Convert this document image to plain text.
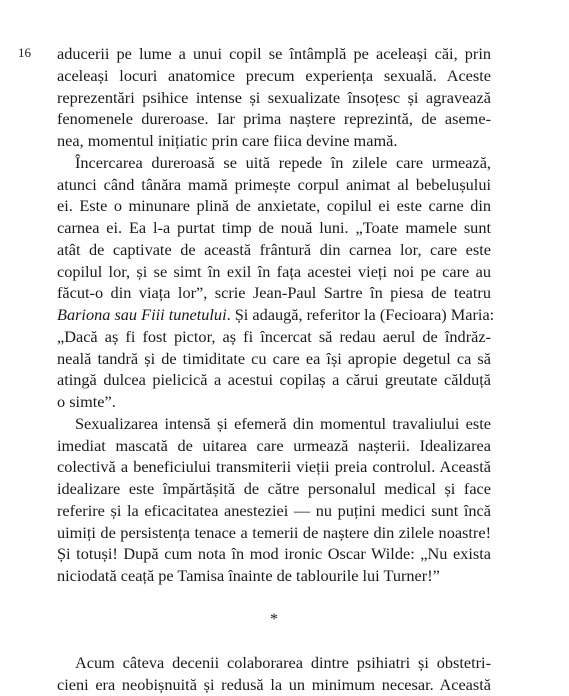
16 aducerii pe lume a unui copil se întâmplă pe aceleași căi, prin
aceleași locuri anatomice precum experiența sexuală. Aceste
reprezentări psihice intense și sexualizate însoțesc și agravează
fenomenele dureroase. Iar prima naștere reprezintă, de aseme-
nea, momentul inițiatic prin care fiica devine mamă.
Încercarea dureroasă se uită repede în zilele care urmează,
atunci când tânăra mamă primește corpul animat al bebelușului
ei. Este o minunare plină de anxietate, copilul ei este carne din
carnea ei. Ea l-a purtat timp de nouă luni. „Toate mamele sunt
atât de captivate de această frântură din carnea lor, care este
copilul lor, și se simt în exil în fața acestei vieți noi pe care au
făcut-o din viața lor”, scrie Jean-Paul Sartre în piesa de teatru
Bariona sau Fiii tunetului. Și adaugă, referitor la (Fecioara) Maria:
„Dacă aș fi fost pictor, aș fi încercat să redau aerul de îndrăz-
neală tandră și de timiditate cu care ea își apropie degetul ca să
atingă dulcea pielicică a acestui copilaș a cărui greutate călduță
o simte”.
Sexualizarea intensă și efemeră din momentul travaliului este
imediat mascată de uitarea care urmează nașterii. Idealizarea
colectivă a beneficiului transmiterii vieții preia controlul. Această
idealizare este împărtășită de către personalul medical și face
referire și la eficacitatea anesteziei — nu puțini medici sunt încă
uimiți de persistența tenace a temerii de naștere din zilele noastre!
Și totuși! După cum nota în mod ironic Oscar Wilde: „Nu exista
niciodată ceață pe Tamisa înainte de tablourile lui Turner!”
*
Acum câteva decenii colaborarea dintre psihiatri și obstetri-
cieni era neobișnuită și redusă la un minimum necesar. Această
